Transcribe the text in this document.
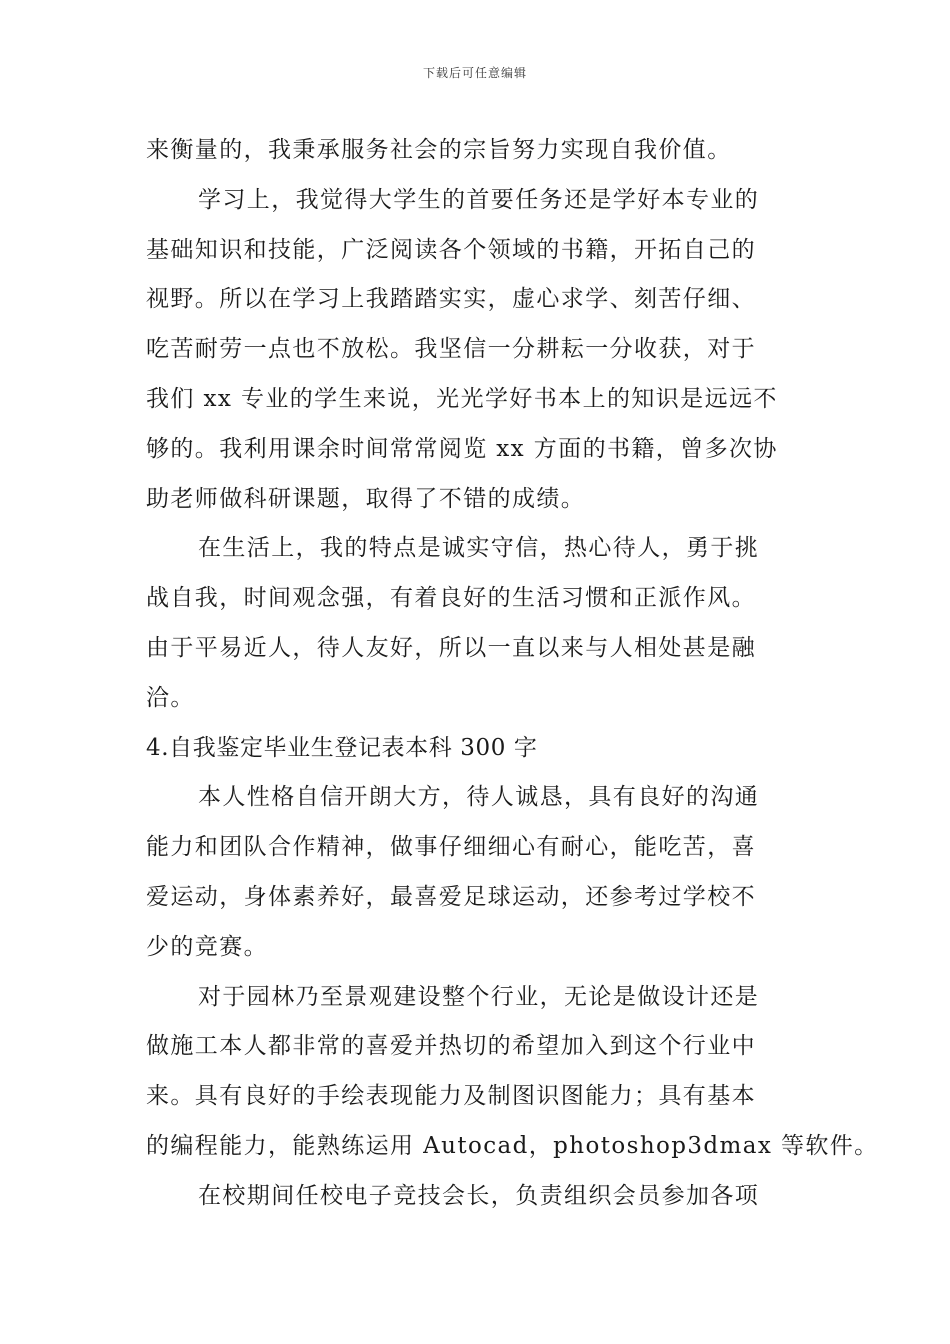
下载后可任意编辑
来衡量的，我秉承服务社会的宗旨努力实现自我价值。
学习上，我觉得大学生的首要任务还是学好本专业的
基础知识和技能，广泛阅读各个领域的书籍，开拓自己的
视野。所以在学习上我踏踏实实，虚心求学、刻苦仔细、
吃苦耐劳一点也不放松。我坚信一分耕耘一分收获，对于
我们 xx 专业的学生来说，光光学好书本上的知识是远远不
够的。我利用课余时间常常阅览 xx 方面的书籍，曾多次协
助老师做科研课题，取得了不错的成绩。
在生活上，我的特点是诚实守信，热心待人，勇于挑
战自我，时间观念强，有着良好的生活习惯和正派作风。
由于平易近人，待人友好，所以一直以来与人相处甚是融
洽。
4.自我鉴定毕业生登记表本科 300 字
本人性格自信开朗大方，待人诚恳，具有良好的沟通
能力和团队合作精神，做事仔细细心有耐心，能吃苦，喜
爱运动，身体素养好，最喜爱足球运动，还参考过学校不
少的竞赛。
对于园林乃至景观建设整个行业，无论是做设计还是
做施工本人都非常的喜爱并热切的希望加入到这个行业中
来。具有良好的手绘表现能力及制图识图能力；具有基本
的编程能力，能熟练运用 Autocad，photoshop3dmax 等软件。
在校期间任校电子竞技会长，负责组织会员参加各项
